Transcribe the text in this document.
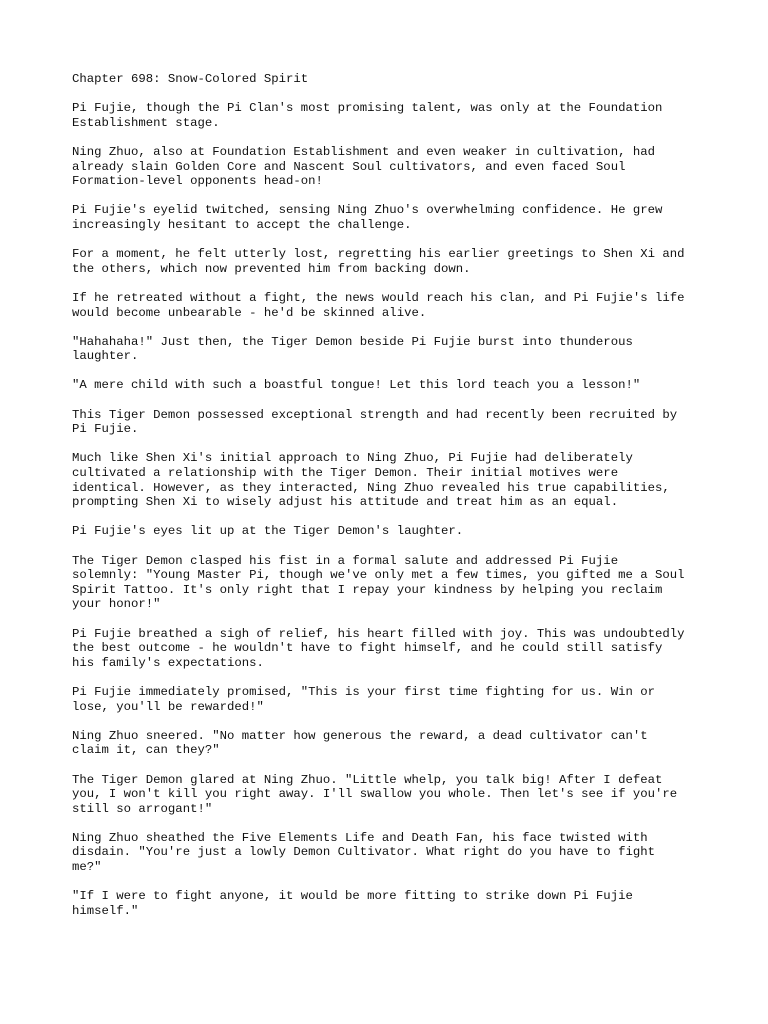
Chapter 698: Snow-Colored Spirit

Pi Fujie, though the Pi Clan's most promising talent, was only at the Foundation
Establishment stage.

Ning Zhuo, also at Foundation Establishment and even weaker in cultivation, had
already slain Golden Core and Nascent Soul cultivators, and even faced Soul
Formation-level opponents head-on!

Pi Fujie's eyelid twitched, sensing Ning Zhuo's overwhelming confidence. He grew
increasingly hesitant to accept the challenge.

For a moment, he felt utterly lost, regretting his earlier greetings to Shen Xi and
the others, which now prevented him from backing down.

If he retreated without a fight, the news would reach his clan, and Pi Fujie's life
would become unbearable - he'd be skinned alive.

"Hahahaha!" Just then, the Tiger Demon beside Pi Fujie burst into thunderous
laughter.

"A mere child with such a boastful tongue! Let this lord teach you a lesson!"

This Tiger Demon possessed exceptional strength and had recently been recruited by
Pi Fujie.

Much like Shen Xi's initial approach to Ning Zhuo, Pi Fujie had deliberately
cultivated a relationship with the Tiger Demon. Their initial motives were
identical. However, as they interacted, Ning Zhuo revealed his true capabilities,
prompting Shen Xi to wisely adjust his attitude and treat him as an equal.

Pi Fujie's eyes lit up at the Tiger Demon's laughter.

The Tiger Demon clasped his fist in a formal salute and addressed Pi Fujie
solemnly: "Young Master Pi, though we've only met a few times, you gifted me a Soul
Spirit Tattoo. It's only right that I repay your kindness by helping you reclaim
your honor!"

Pi Fujie breathed a sigh of relief, his heart filled with joy. This was undoubtedly
the best outcome - he wouldn't have to fight himself, and he could still satisfy
his family's expectations.

Pi Fujie immediately promised, "This is your first time fighting for us. Win or
lose, you'll be rewarded!"

Ning Zhuo sneered. "No matter how generous the reward, a dead cultivator can't
claim it, can they?"

The Tiger Demon glared at Ning Zhuo. "Little whelp, you talk big! After I defeat
you, I won't kill you right away. I'll swallow you whole. Then let's see if you're
still so arrogant!"

Ning Zhuo sheathed the Five Elements Life and Death Fan, his face twisted with
disdain. "You're just a lowly Demon Cultivator. What right do you have to fight
me?"

"If I were to fight anyone, it would be more fitting to strike down Pi Fujie
himself."
